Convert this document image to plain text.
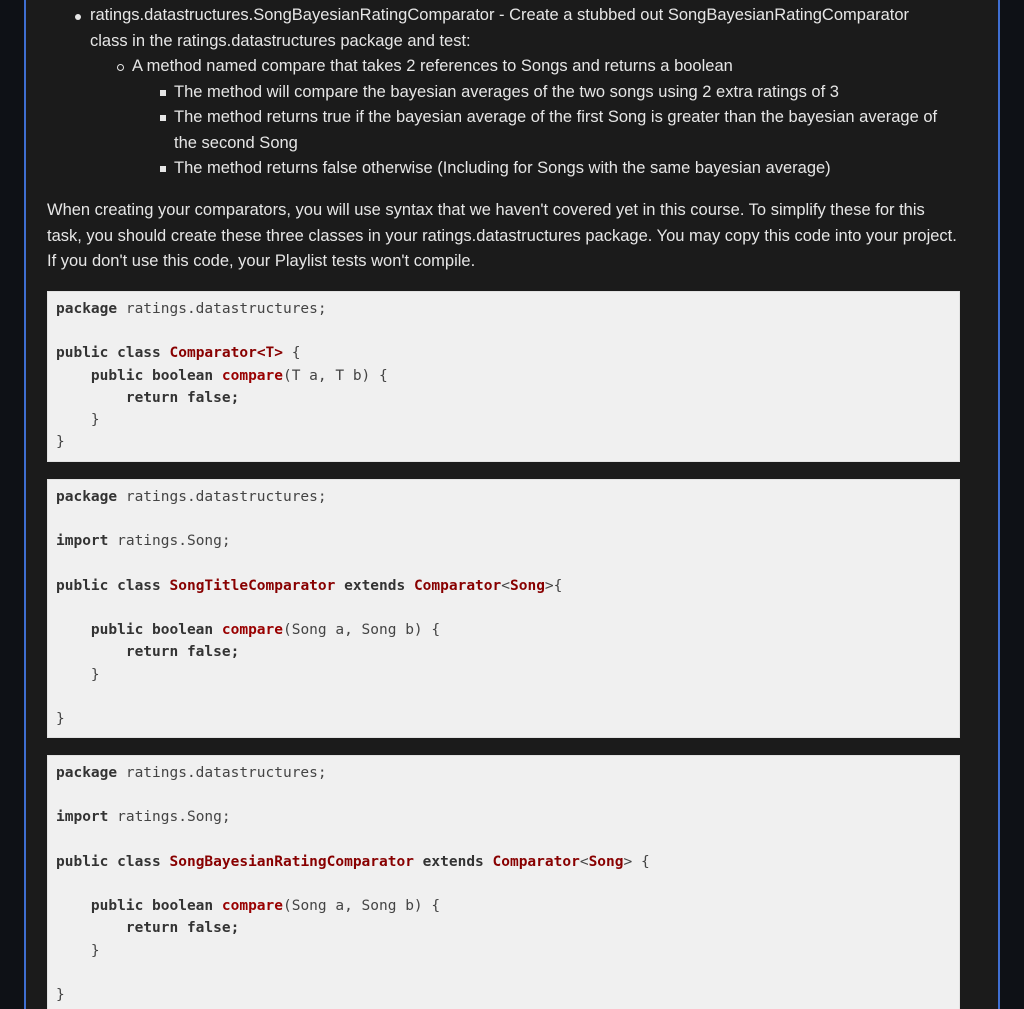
ratings.datastructures.SongBayesianRatingComparator - Create a stubbed out SongBayesianRatingComparator class in the ratings.datastructures package and test:
A method named compare that takes 2 references to Songs and returns a boolean
The method will compare the bayesian averages of the two songs using 2 extra ratings of 3
The method returns true if the bayesian average of the first Song is greater than the bayesian average of the second Song
The method returns false otherwise (Including for Songs with the same bayesian average)

When creating your comparators, you will use syntax that we haven't covered yet in this course. To simplify these for this task, you should create these three classes in your ratings.datastructures package. You may copy this code into your project. If you don't use this code, your Playlist tests won't compile.

package ratings.datastructures;

public class Comparator<T> {
public boolean compare(T a, T b) {
return false;
}
}
package ratings.datastructures;

import ratings.Song;

public class SongTitleComparator extends Comparator<Song>{

public boolean compare(Song a, Song b) {
return false;
}

}
package ratings.datastructures;

import ratings.Song;

public class SongBayesianRatingComparator extends Comparator<Song> {

public boolean compare(Song a, Song b) {
return false;
}

}
